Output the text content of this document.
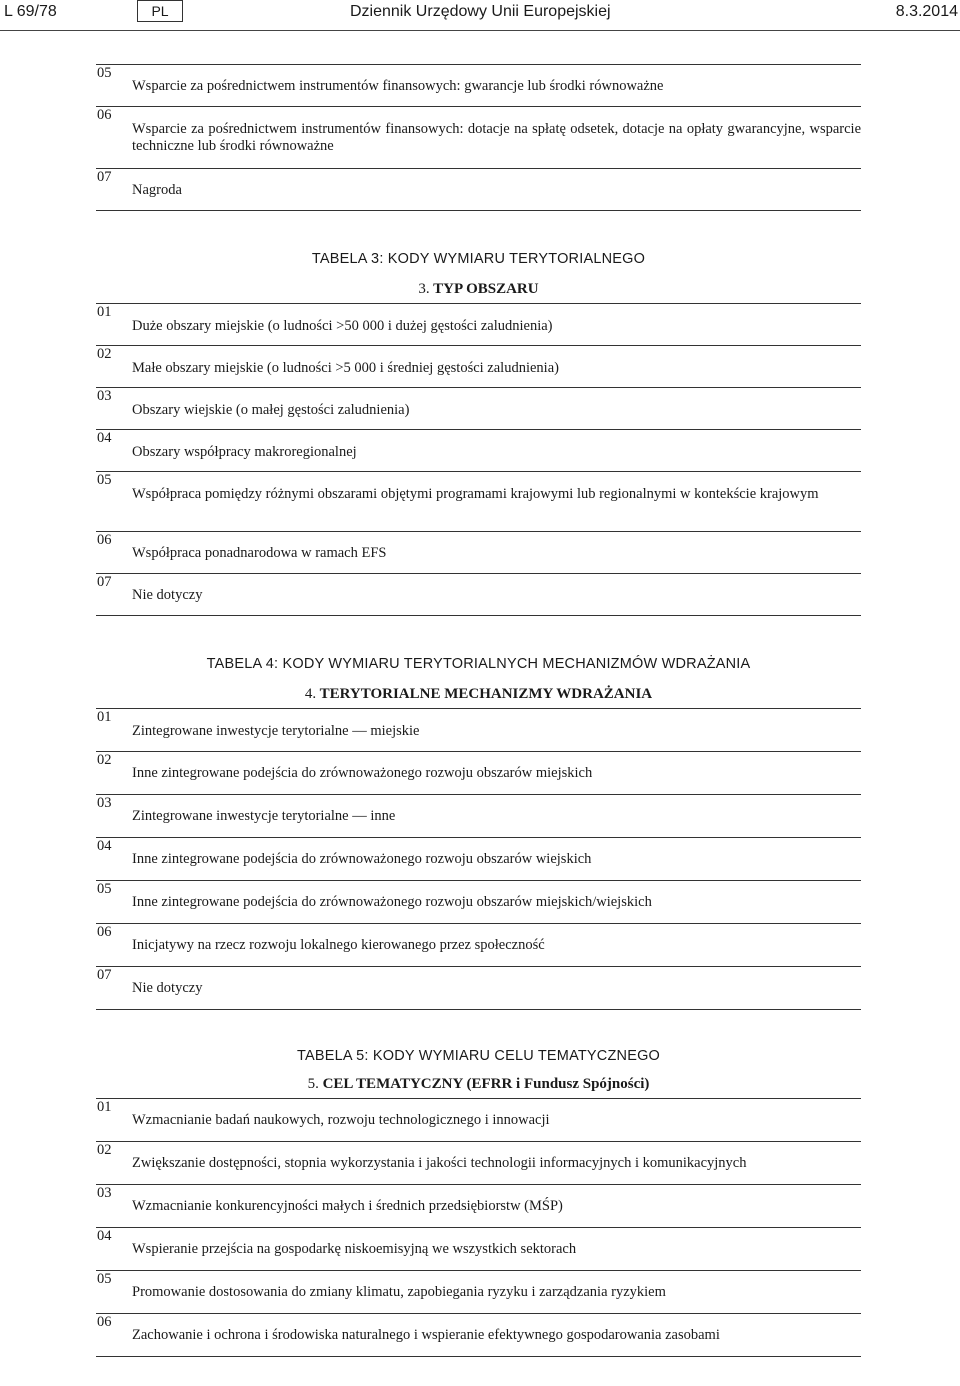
L 69/78	PL	Dziennik Urzędowy Unii Europejskiej	8.3.2014
05
Wsparcie za pośrednictwem instrumentów finansowych: gwarancje lub środki równoważne
06
Wsparcie za pośrednictwem instrumentów finansowych: dotacje na spłatę odsetek, dotacje na opłaty gwarancyjne, wsparcie techniczne lub środki równoważne
07
Nagroda
TABELA 3: KODY WYMIARU TERYTORIALNEGO
3. TYP OBSZARU
01
Duże obszary miejskie (o ludności >50 000 i dużej gęstości zaludnienia)
02
Małe obszary miejskie (o ludności >5 000 i średniej gęstości zaludnienia)
03
Obszary wiejskie (o małej gęstości zaludnienia)
04
Obszary współpracy makroregionalnej
05
Współpraca pomiędzy różnymi obszarami objętymi programami krajowymi lub regionalnymi w kontekście krajowym
06
Współpraca ponadnarodowa w ramach EFS
07
Nie dotyczy
TABELA 4: KODY WYMIARU TERYTORIALNYCH MECHANIZMÓW WDRAŻANIA
4. TERYTORIALNE MECHANIZMY WDRAŻANIA
01
Zintegrowane inwestycje terytorialne — miejskie
02
Inne zintegrowane podejścia do zrównoważonego rozwoju obszarów miejskich
03
Zintegrowane inwestycje terytorialne — inne
04
Inne zintegrowane podejścia do zrównoważonego rozwoju obszarów wiejskich
05
Inne zintegrowane podejścia do zrównoważonego rozwoju obszarów miejskich/wiejskich
06
Inicjatywy na rzecz rozwoju lokalnego kierowanego przez społeczność
07
Nie dotyczy
TABELA 5: KODY WYMIARU CELU TEMATYCZNEGO
5. CEL TEMATYCZNY (EFRR i Fundusz Spójności)
01
Wzmacnianie badań naukowych, rozwoju technologicznego i innowacji
02
Zwiększanie dostępności, stopnia wykorzystania i jakości technologii informacyjnych i komunikacyjnych
03
Wzmacnianie konkurencyjności małych i średnich przedsiębiorstw (MŚP)
04
Wspieranie przejścia na gospodarkę niskoemisyjną we wszystkich sektorach
05
Promowanie dostosowania do zmiany klimatu, zapobiegania ryzyku i zarządzania ryzykiem
06
Zachowanie i ochrona i środowiska naturalnego i wspieranie efektywnego gospodarowania zasobami
